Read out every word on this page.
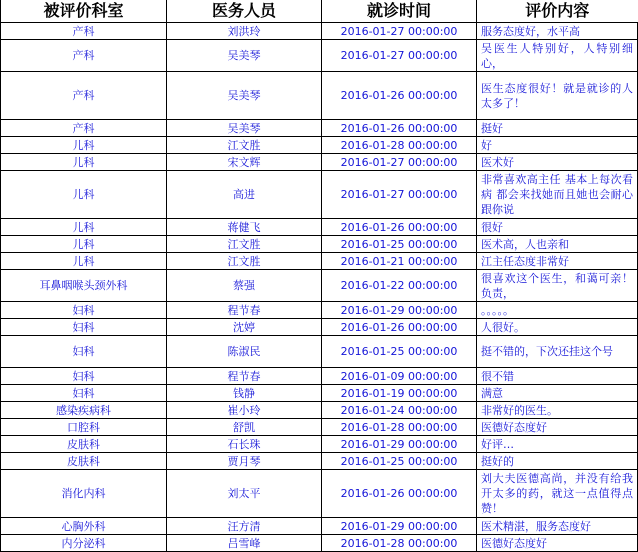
被评价科室	医务人员	就诊时间	评价内容
产科	刘洪玲	2016-01-27 00:00:00	服务态度好，水平高
产科	吴美琴	2016-01-27 00:00:00	吴医生人特别好，人特别细心，
产科	吴美琴	2016-01-26 00:00:00	医生态度很好！就是就诊的人太多了！
产科	吴美琴	2016-01-26 00:00:00	挺好
儿科	江文胜	2016-01-28 00:00:00	好
儿科	宋文辉	2016-01-27 00:00:00	医术好
儿科	高进	2016-01-27 00:00:00	非常喜欢高主任 基本上每次看病 都会来找她而且她也会耐心跟你说
儿科	蒋健飞	2016-01-26 00:00:00	很好
儿科	江文胜	2016-01-25 00:00:00	医术高，人也亲和
儿科	江文胜	2016-01-21 00:00:00	江主任态度非常好
耳鼻咽喉头颈外科	蔡强	2016-01-22 00:00:00	很喜欢这个医生，和蔼可亲！负责，
妇科	程节春	2016-01-29 00:00:00	。。。。。
妇科	沈婷	2016-01-26 00:00:00	人很好。
妇科	陈淑民	2016-01-25 00:00:00	挺不错的，下次还挂这个号
妇科	程节春	2016-01-09 00:00:00	很不错
妇科	钱静	2016-01-19 00:00:00	满意
感染疾病科	崔小玲	2016-01-24 00:00:00	非常好的医生。
口腔科	舒凯	2016-01-28 00:00:00	医德好态度好
皮肤科	石长珠	2016-01-29 00:00:00	好评…
皮肤科	贾月琴	2016-01-25 00:00:00	挺好的
消化内科	刘太平	2016-01-26 00:00:00	刘大夫医德高尚，并没有给我开太多的药，就这一点值得点赞！
心胸外科	汪方清	2016-01-29 00:00:00	医术精湛，服务态度好
内分泌科	吕雪峰	2016-01-28 00:00:00	医德好态度好
